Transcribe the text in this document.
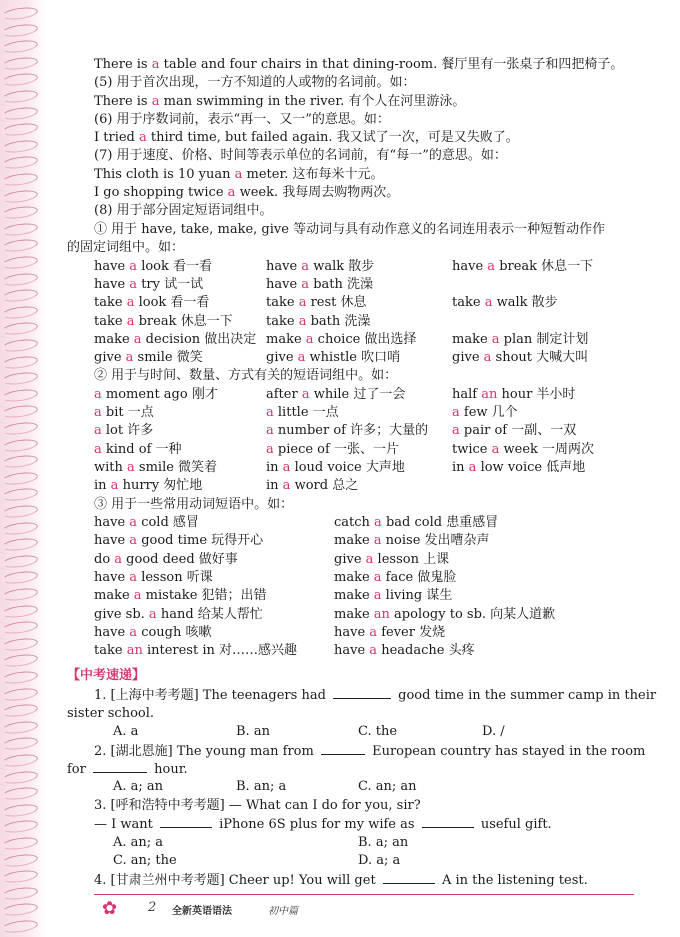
There is a table and four chairs in that dining-room. 餐厅里有一张桌子和四把椅子。
(5) 用于首次出现，一方不知道的人或物的名词前。如：
There is a man swimming in the river. 有个人在河里游泳。
(6) 用于序数词前，表示“再一、又一”的意思。如：
I tried a third time, but failed again. 我又试了一次，可是又失败了。
(7) 用于速度、价格、时间等表示单位的名词前，有“每一”的意思。如：
This cloth is 10 yuan a meter. 这布每米十元。
I go shopping twice a week. 我每周去购物两次。
(8) 用于部分固定短语词组中。
① 用于 have, take, make, give 等动词与具有动作意义的名词连用表示一种短暂动作作
的固定词组中。如：
have a look 看一看	have a walk 散步	have a break 休息一下
have a try 试一试	have a bath 洗澡
take a look 看一看	take a rest 休息	take a walk 散步
take a break 休息一下	take a bath 洗澡
make a decision 做出决定 make a choice 做出选择	make a plan 制定计划
give a smile 微笑	give a whistle 吹口哨	give a shout 大喊大叫
② 用于与时间、数量、方式有关的短语词组中。如：
a moment ago 刚才	after a while 过了一会	half an hour 半小时
a bit 一点	a little 一点	a few 几个
a lot 许多	a number of 许多；大量的 a pair of 一副、一双
a kind of 一种	a piece of 一张、一片	twice a week 一周两次
with a smile 微笑着	in a loud voice 大声地	in a low voice 低声地
in a hurry 匆忙地	in a word 总之
③ 用于一些常用动词短语中。如：
have a cold 感冒	catch a bad cold 患重感冒
have a good time 玩得开心	make a noise 发出嘈杂声
do a good deed 做好事	give a lesson 上课
have a lesson 听课	make a face 做鬼脸
make a mistake 犯错；出错	make a living 谋生
give sb. a hand 给某人帮忙	make an apology to sb. 向某人道歉
have a cough 咳嗽	have a fever 发烧
take an interest in 对……感兴趣	have a headache 头疼
【中考速递】
1. [上海中考考题] The teenagers had	good time in the summer camp in their
sister school.
A. a	B. an	C. the	D. /
2. [湖北恩施] The young man from	European country has stayed in the room
for	hour.
A. a; an	B. an; a	C. an; an
3. [呼和浩特中考考题] — What can I do for you, sir?
— I want	iPhone 6S plus for my wife as	useful gift.
A. an; a	B. a; an
C. an; the	D. a; a
4. [甘肃兰州中考考题] Cheer up! You will get	A in the listening test.
✿ 2 全新英语语法	初中篇
